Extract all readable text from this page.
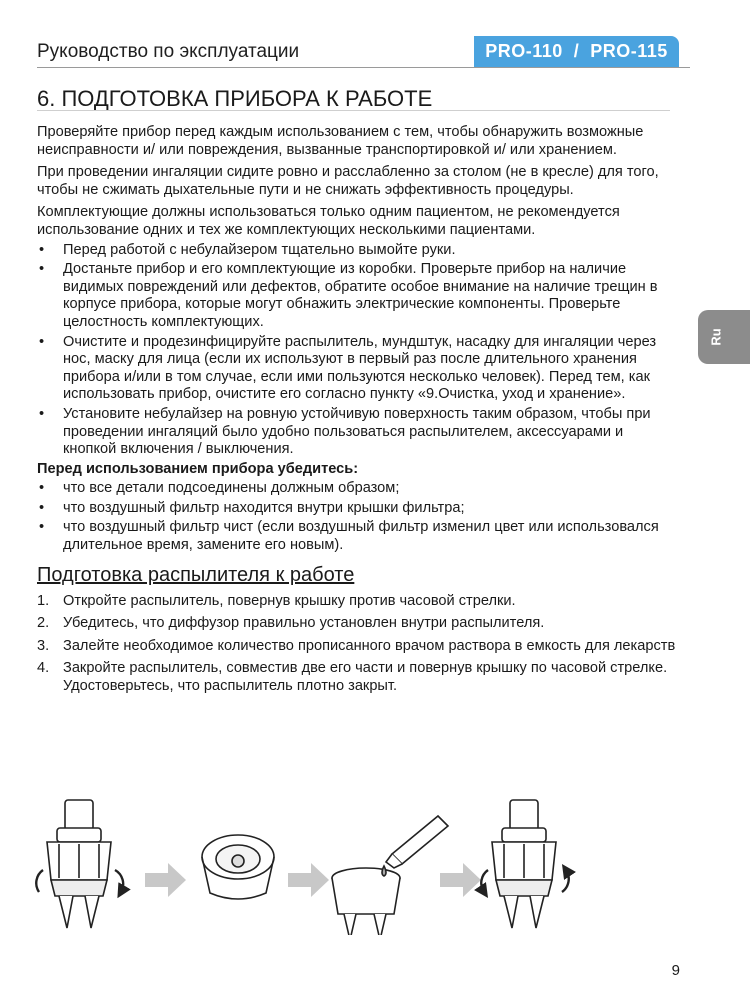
Руководство по эксплуатации	PRO-110  /  PRO-115
6. ПОДГОТОВКА ПРИБОРА К РАБОТЕ
Ru

Проверяйте прибор перед каждым использованием с тем, чтобы обнаружить возможные неисправности и/ или повреждения, вызванные транспортировкой и/ или хранением.

При проведении ингаляции сидите ровно и расслабленно за столом (не в кресле) для того, чтобы не сжимать дыхательные пути и не снижать эффективность процедуры.

Комплектующие должны использоваться только одним пациентом, не рекомендуется использование одних и тех же комплектующих несколькими пациентами.

• Перед работой с небулайзером тщательно вымойте руки.
• Достаньте прибор и его комплектующие из коробки. Проверьте прибор на наличие видимых повреждений или дефектов, обратите особое внимание на наличие трещин в корпусе прибора, которые могут обнажить электрические компоненты. Проверьте целостность комплектующих.
• Очистите и продезинфицируйте распылитель, мундштук, насадку для ингаляции через нос, маску для лица (если их используют в первый раз после длительного хранения прибора и/или в том случае, если ими пользуются несколько человек). Перед тем, как использовать прибор, очистите его согласно пункту «9.Очистка, уход и хранение».
• Установите небулайзер на ровную устойчивую поверхность таким образом, чтобы при проведении ингаляций было удобно пользоваться распылителем, аксессуарами и кнопкой включения / выключения.
Перед использованием прибора убедитесь:
• что все детали подсоединены должным образом;
• что воздушный фильтр находится внутри крышки фильтра;
• что воздушный фильтр чист (если воздушный фильтр изменил цвет или использовался длительное время, замените его новым).
Подготовка распылителя к работе
1. Откройте распылитель, повернув крышку против часовой стрелки.
2. Убедитесь, что диффузор правильно установлен внутри распылителя.
3. Залейте необходимое количество прописанного врачом раствора в емкость для лекарств
4. Закройте распылитель, совместив две его части и повернув крышку по часовой стрелке. Удостоверьтесь, что распылитель плотно закрыт.
9
